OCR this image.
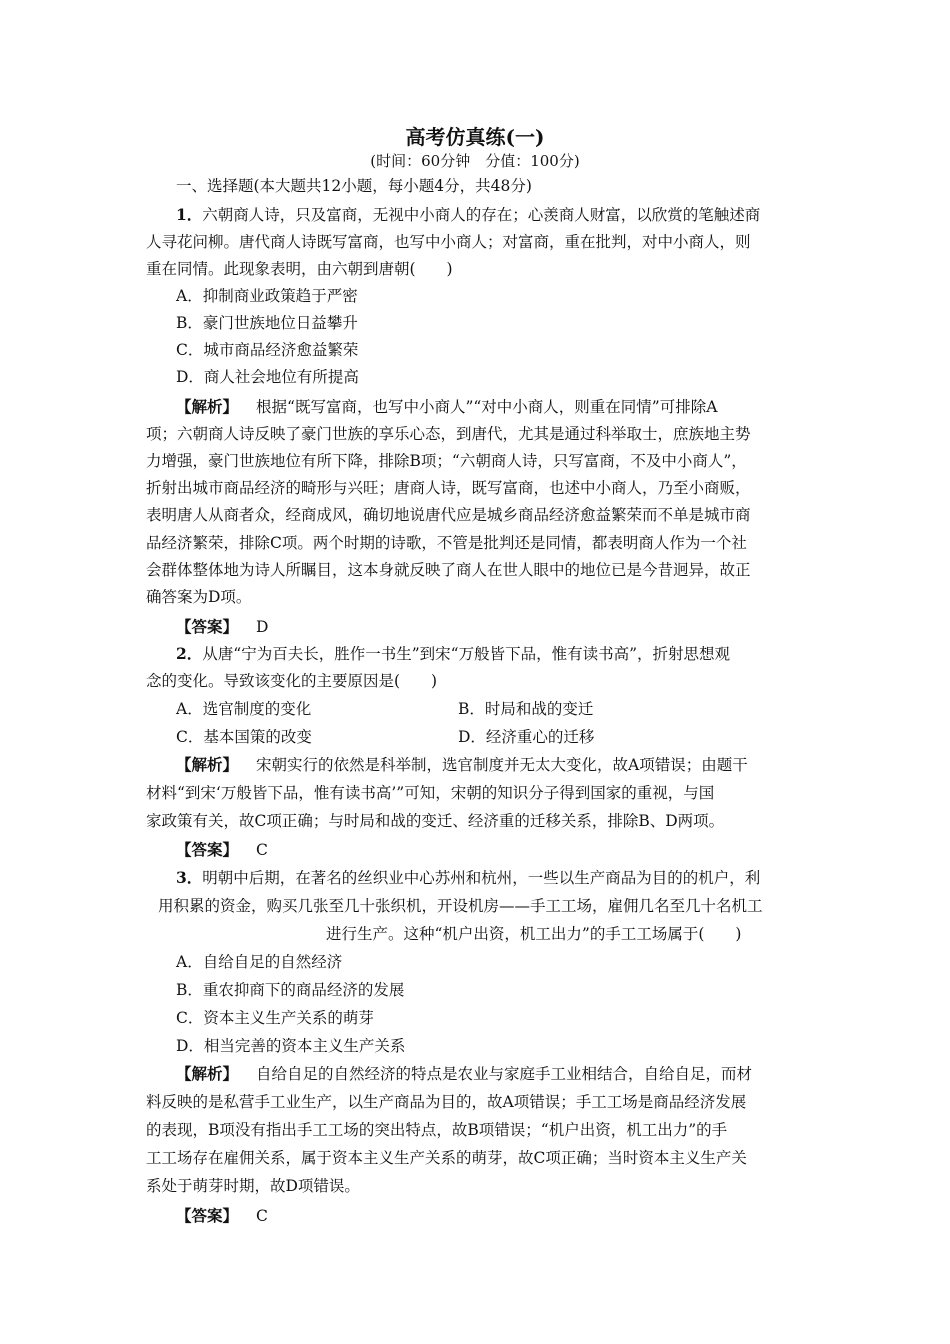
高考仿真练(一)
(时间：60分钟　分值：100分)
一、选择题(本大题共12小题，每小题4分，共48分)
1．六朝商人诗，只及富商，无视中小商人的存在；心羡商人财富，以欣赏的笔触述商
人寻花问柳。唐代商人诗既写富商，也写中小商人；对富商，重在批判，对中小商人，则
重在同情。此现象表明，由六朝到唐朝(　　)
A．抑制商业政策趋于严密
B．豪门世族地位日益攀升
C．城市商品经济愈益繁荣
D．商人社会地位有所提高
【解析】 根据“既写富商，也写中小商人”“对中小商人，则重在同情”可排除A
项；六朝商人诗反映了豪门世族的享乐心态，到唐代，尤其是通过科举取士，庶族地主势
力增强，豪门世族地位有所下降，排除B项；“六朝商人诗，只写富商，不及中小商人”，
折射出城市商品经济的畸形与兴旺；唐商人诗，既写富商，也述中小商人，乃至小商贩，
表明唐人从商者众，经商成风，确切地说唐代应是城乡商品经济愈益繁荣而不单是城市商
品经济繁荣，排除C项。两个时期的诗歌，不管是批判还是同情，都表明商人作为一个社
会群体整体地为诗人所瞩目，这本身就反映了商人在世人眼中的地位已是今昔迥异，故正
确答案为D项。
【答案】 D
2．从唐“宁为百夫长，胜作一书生”到宋“万般皆下品，惟有读书高”，折射思想观
念的变化。导致该变化的主要原因是(　　)
A．选官制度的变化	B．时局和战的变迁
C．基本国策的改变	D．经济重心的迁移
【解析】 宋朝实行的依然是科举制，选官制度并无太大变化，故A项错误；由题干
材料“到宋‘万般皆下品，惟有读书高’”可知，宋朝的知识分子得到国家的重视，与国
家政策有关，故C项正确；与时局和战的变迁、经济重的迁移关系，排除B、D两项。
【答案】 C
3．明朝中后期，在著名的丝织业中心苏州和杭州，一些以生产商品为目的的机户，利
用积累的资金，购买几张至几十张织机，开设机房——手工工场，雇佣几名至几十名机工
进行生产。这种“机户出资，机工出力”的手工工场属于(　　)
A．自给自足的自然经济
B．重农抑商下的商品经济的发展
C．资本主义生产关系的萌芽
D．相当完善的资本主义生产关系
【解析】 自给自足的自然经济的特点是农业与家庭手工业相结合，自给自足，而材
料反映的是私营手工业生产，以生产商品为目的，故A项错误；手工工场是商品经济发展
的表现，B项没有指出手工工场的突出特点，故B项错误；“机户出资，机工出力”的手
工工场存在雇佣关系，属于资本主义生产关系的萌芽，故C项正确；当时资本主义生产关
系处于萌芽时期，故D项错误。
【答案】 C
